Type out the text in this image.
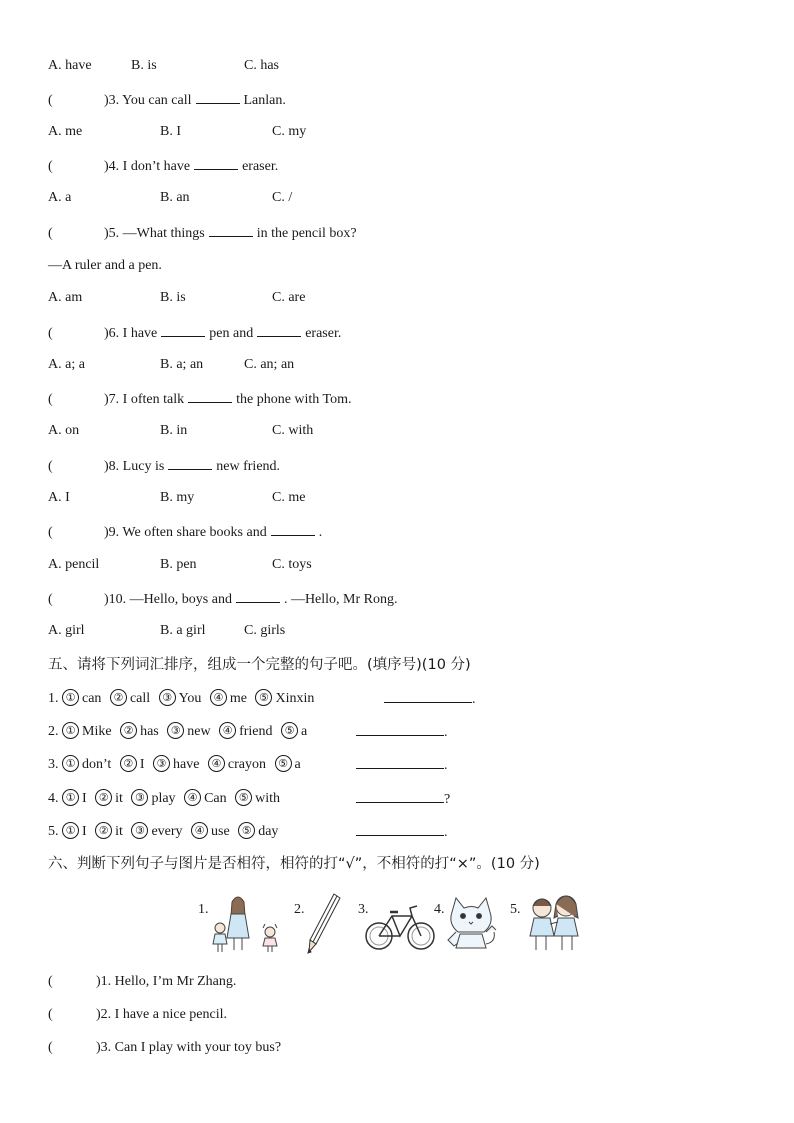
A. have	B. is	C. has
(	)3. You can call	Lanlan.
A. me	B. I	C. my
(	)4. I don’t have	eraser.
A. a	B. an	C. /
(	)5. —What things	in the pencil box?
—A ruler and a pen.
A. am	B. is	C. are
(	)6. I have	pen and	eraser.
A. a; a	B. a; an	C. an; an
(	)7. I often talk	the phone with Tom.
A. on	B. in	C. with
(	)8. Lucy is	new friend.
A. I	B. my	C. me
(	)9. We often share books and	.
A. pencil	B. pen	C. toys
(	)10. —Hello, boys and	. —Hello, Mr Rong.
A. girl	B. a girl	C. girls
五、请将下列词汇排序，组成一个完整的句子吧。(填序号)(10 分)
1. ① can ② call ③ You ④ me ⑤ Xinxin	.
2. ① Mike ② has ③ new ④ friend ⑤ a	.
3. ① don’t ② I ③ have ④ crayon ⑤ a	.
4. ① I ② it ③ play ④ Can ⑤ with	?
5. ① I ② it ③ every ④ use ⑤ day	.
六、判断下列句子与图片是否相符，相符的打“√”，不相符的打“×”。(10 分)
1.	2.	3.	4.	5.
(	)1. Hello, I’m Mr Zhang.
(	)2. I have a nice pencil.
(	)3. Can I play with your toy bus?
